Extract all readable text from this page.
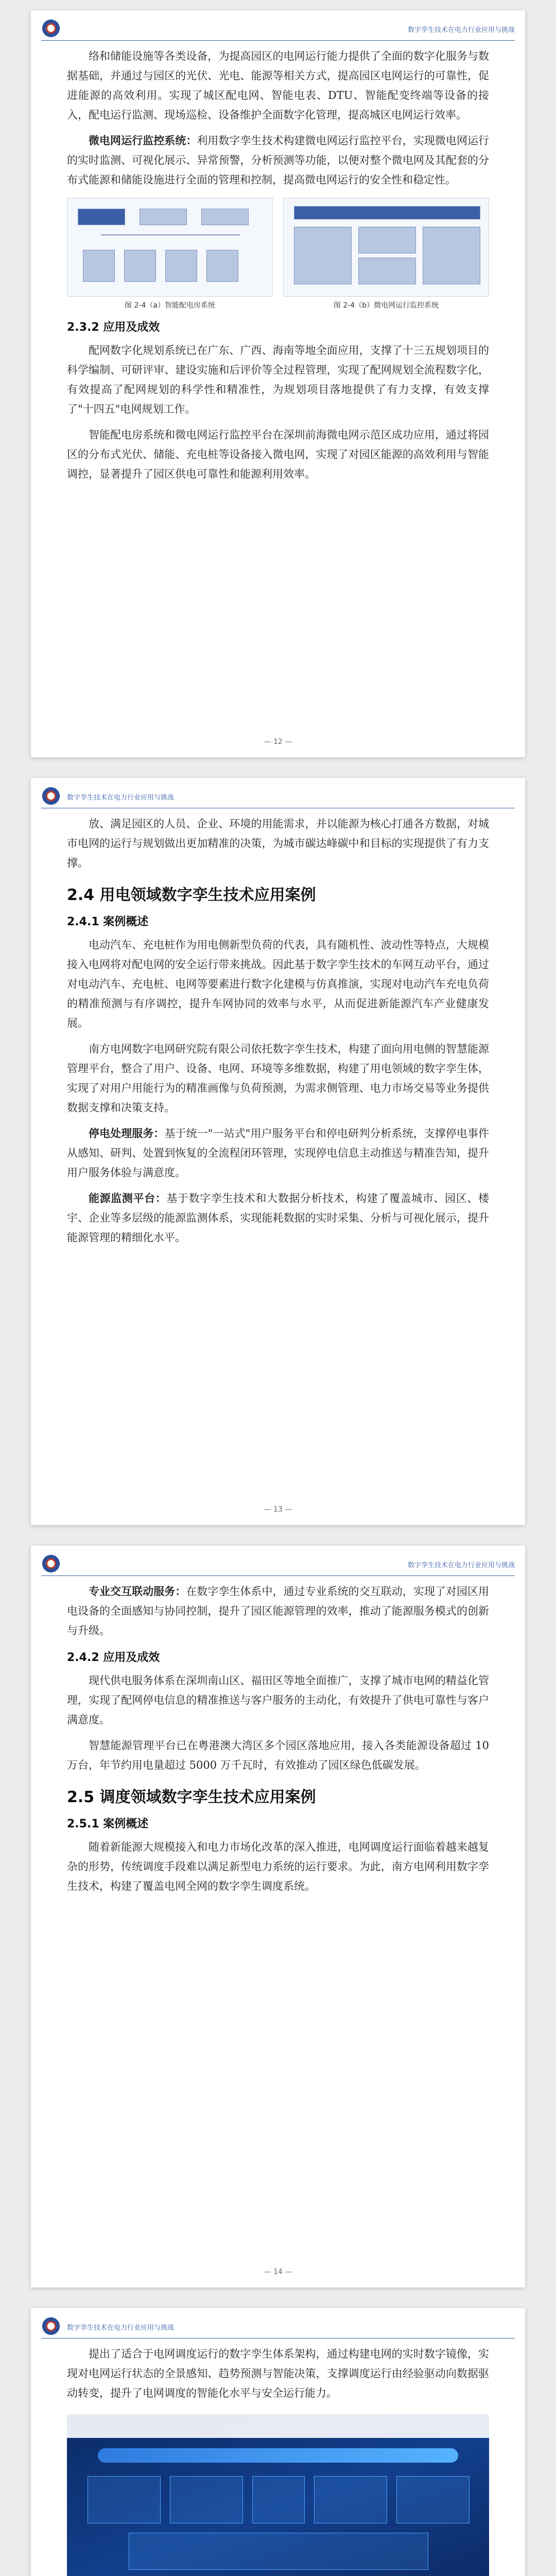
数字孪生技术在电力行业应用与挑战

络和储能设施等各类设备，为提高园区的电网运行能力提供了全面的数字化服务与数据基础，并通过与园区的光伏、光电、能源等相关方式，提高园区电网运行的可靠性，促进能源的高效利用。实现了城区配电网、智能电表、DTU、智能配变终端等设备的接入，配电运行监测、现场巡检、设备维护全面数字化管理，提高城区电网运行效率。

微电网运行监控系统：利用数字孪生技术构建微电网运行监控平台，实现微电网运行的实时监测、可视化展示、异常预警，分析预测等功能，以便对整个微电网及其配套的分布式能源和储能设施进行全面的管理和控制，提高微电网运行的安全性和稳定性。

图 2-4（a）智能配电房系统	图 2-4（b）微电网运行监控系统
2.3.2 应用及成效

配网数字化规划系统已在广东、广西、海南等地全面应用，支撑了十三五规划项目的科学编制、可研评审、建设实施和后评价等全过程管理，实现了配网规划全流程数字化，有效提高了配网规划的科学性和精准性，为规划项目落地提供了有力支撑，有效支撑了"十四五"电网规划工作。

智能配电房系统和微电网运行监控平台在深圳前海微电网示范区成功应用，通过将园区的分布式光伏、储能、充电桩等设备接入微电网，实现了对园区能源的高效利用与智能调控，显著提升了园区供电可靠性和能源利用效率。

— 12 —
数字孪生技术在电力行业应用与挑战

放、满足园区的人员、企业、环境的用能需求，并以能源为核心打通各方数据，对城市电网的运行与规划做出更加精准的决策，为城市碳达峰碳中和目标的实现提供了有力支撑。

2.4 用电领域数字孪生技术应用案例
2.4.1 案例概述

电动汽车、充电桩作为用电侧新型负荷的代表，具有随机性、波动性等特点，大规模接入电网将对配电网的安全运行带来挑战。因此基于数字孪生技术的车网互动平台，通过对电动汽车、充电桩、电网等要素进行数字化建模与仿真推演，实现对电动汽车充电负荷的精准预测与有序调控，提升车网协同的效率与水平，从而促进新能源汽车产业健康发展。

南方电网数字电网研究院有限公司依托数字孪生技术，构建了面向用电侧的智慧能源管理平台，整合了用户、设备、电网、环境等多维数据，构建了用电领域的数字孪生体，实现了对用户用能行为的精准画像与负荷预测，为需求侧管理、电力市场交易等业务提供数据支撑和决策支持。

停电处理服务：基于统一"一站式"用户服务平台和停电研判分析系统，支撑停电事件从感知、研判、处置到恢复的全流程闭环管理，实现停电信息主动推送与精准告知，提升用户服务体验与满意度。

能源监测平台：基于数字孪生技术和大数据分析技术，构建了覆盖城市、园区、楼宇、企业等多层级的能源监测体系，实现能耗数据的实时采集、分析与可视化展示，提升能源管理的精细化水平。

— 13 —
数字孪生技术在电力行业应用与挑战

专业交互联动服务：在数字孪生体系中，通过专业系统的交互联动，实现了对园区用电设备的全面感知与协同控制，提升了园区能源管理的效率，推动了能源服务模式的创新与升级。

2.4.2 应用及成效

现代供电服务体系在深圳南山区、福田区等地全面推广，支撑了城市电网的精益化管理，实现了配网停电信息的精准推送与客户服务的主动化，有效提升了供电可靠性与客户满意度。

智慧能源管理平台已在粤港澳大湾区多个园区落地应用，接入各类能源设备超过 10 万台，年节约用电量超过 5000 万千瓦时，有效推动了园区绿色低碳发展。

2.5 调度领域数字孪生技术应用案例
2.5.1 案例概述

随着新能源大规模接入和电力市场化改革的深入推进，电网调度运行面临着越来越复杂的形势，传统调度手段难以满足新型电力系统的运行要求。为此，南方电网利用数字孪生技术，构建了覆盖电网全网的数字孪生调度系统。

— 14 —
数字孪生技术在电力行业应用与挑战

提出了适合于电网调度运行的数字孪生体系架构，通过构建电网的实时数字镜像，实现对电网运行状态的全景感知、趋势预测与智能决策，支撑调度运行由经验驱动向数据驱动转变，提升了电网调度的智能化水平与安全运行能力。
